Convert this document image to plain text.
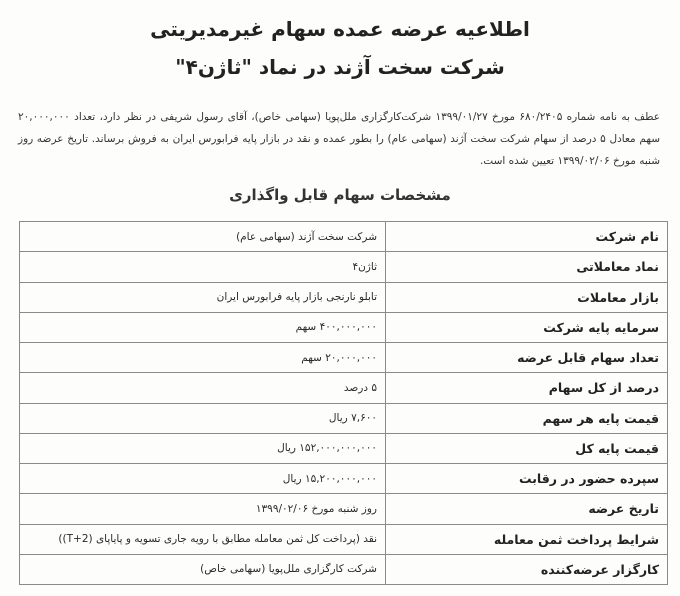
اطلاعیه عرضه عمده سهام غیرمدیریتی
شرکت سخت آژند در نماد "ثاژن۴"
عطف به نامه شماره ۶۸۰/۲۴۰۵ مورخ ۱۳۹۹/۰۱/۲۷ شرکت‌کارگزاری ملل‌پویا (سهامی خاص)، آقای رسول شریفی در نظر دارد، تعداد ۲۰,۰۰۰,۰۰۰ سهم معادل ۵ درصد از سهام شرکت سخت آژند (سهامی عام) را بطور عمده و نقد در بازار پایه فرابورس ایران به فروش برساند. تاریخ عرضه روز شنبه مورخ ۱۳۹۹/۰۲/۰۶ تعیین شده است.
مشخصات سهام قابل واگذاری
نام شرکت	شرکت سخت آژند (سهامی عام)
نماد معاملاتی	ثاژن۴
بازار معاملات	تابلو نارنجی بازار پایه فرابورس ایران
سرمایه پایه شرکت	۴۰۰,۰۰۰,۰۰۰ سهم
تعداد سهام قابل عرضه	۲۰,۰۰۰,۰۰۰ سهم
درصد از کل سهام	۵ درصد
قیمت پایه هر سهم	۷,۶۰۰ ریال
قیمت پایه کل	۱۵۲,۰۰۰,۰۰۰,۰۰۰ ریال
سپرده حضور در رقابت	۱۵,۲۰۰,۰۰۰,۰۰۰ ریال
تاریخ عرضه	روز شنبه مورخ ۱۳۹۹/۰۲/۰۶
شرایط پرداخت ثمن معامله	نقد (پرداخت کل ثمن معامله مطابق با رویه جاری تسویه و پایاپای (T+2))
کارگزار عرضه‌کننده	شرکت کارگزاری ملل‌پویا (سهامی خاص)
